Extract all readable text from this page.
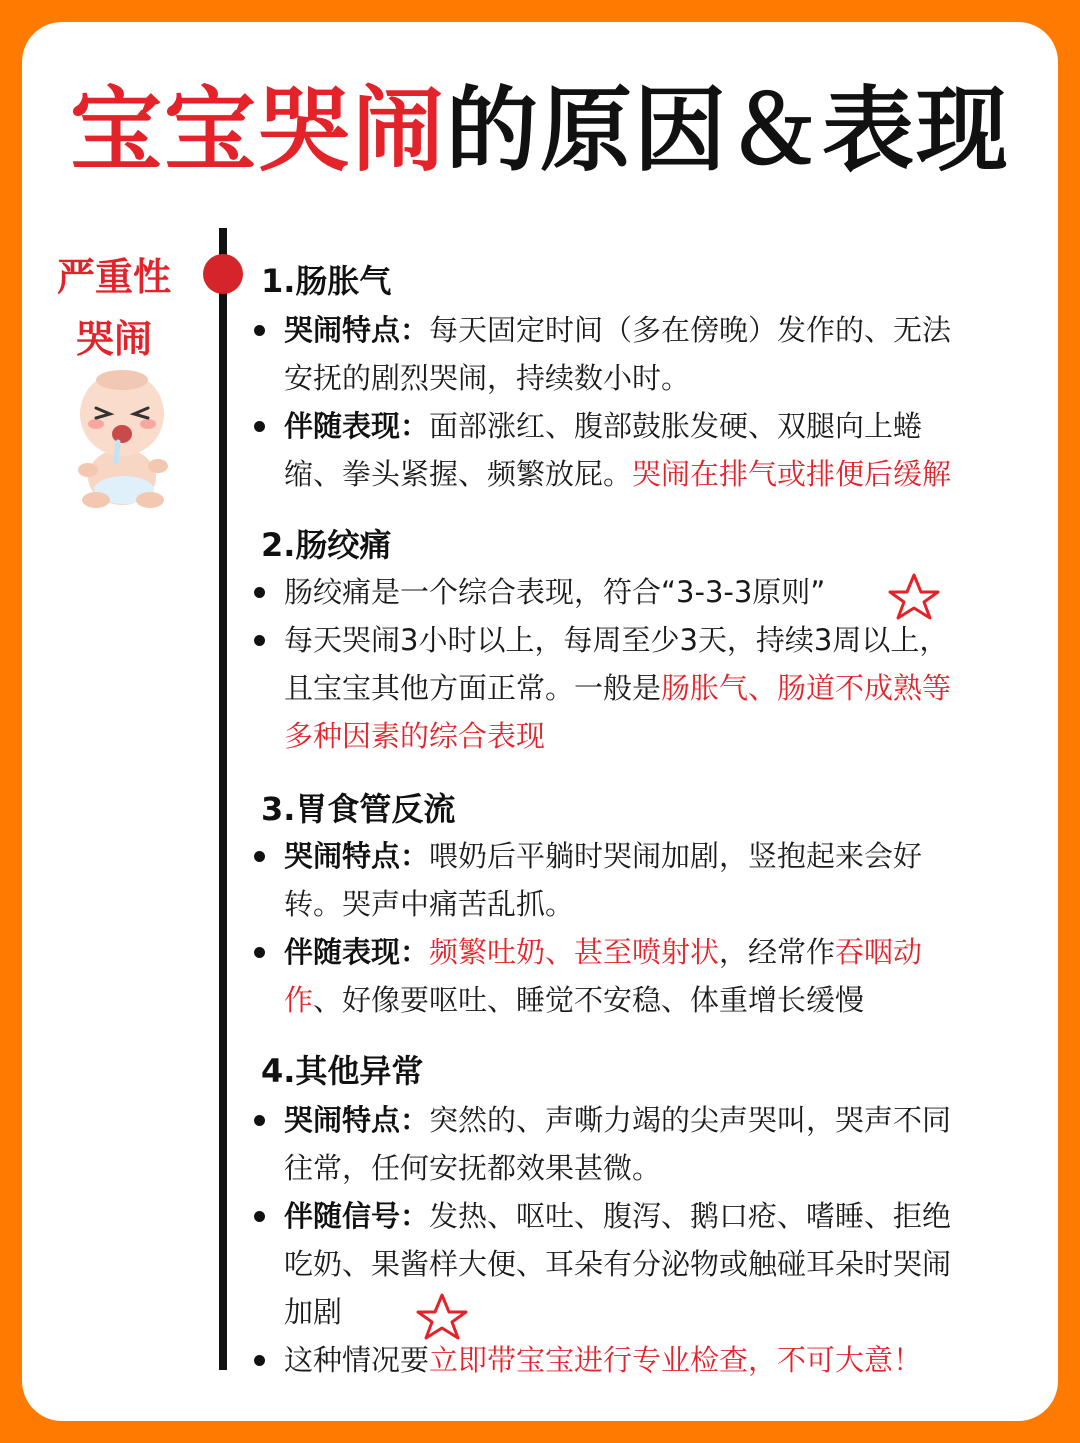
宝宝哭闹的原因＆表现
严重性
哭闹
1.肠胀气
哭闹特点：每天固定时间（多在傍晚）发作的、无法
安抚的剧烈哭闹，持续数小时。
伴随表现：面部涨红、腹部鼓胀发硬、双腿向上蜷
缩、拳头紧握、频繁放屁。哭闹在排气或排便后缓解
2.肠绞痛
肠绞痛是一个综合表现，符合“3-3-3原则”
每天哭闹3小时以上，每周至少3天，持续3周以上，
且宝宝其他方面正常。一般是肠胀气、肠道不成熟等
多种因素的综合表现
3.胃食管反流
哭闹特点：喂奶后平躺时哭闹加剧，竖抱起来会好
转。哭声中痛苦乱抓。
伴随表现：频繁吐奶、甚至喷射状，经常作吞咽动
作、好像要呕吐、睡觉不安稳、体重增长缓慢
4.其他异常
哭闹特点：突然的、声嘶力竭的尖声哭叫，哭声不同
往常，任何安抚都效果甚微。
伴随信号：发热、呕吐、腹泻、鹅口疮、嗜睡、拒绝
吃奶、果酱样大便、耳朵有分泌物或触碰耳朵时哭闹
加剧
这种情况要立即带宝宝进行专业检查，不可大意！
